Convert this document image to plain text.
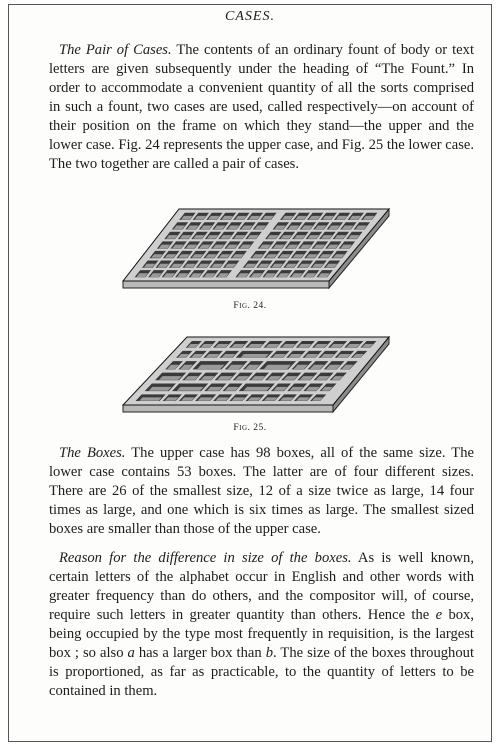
CASES.

The Pair of Cases. The contents of an ordinary fount of body or text letters are given subsequently under the heading of “The Fount.” In order to accommodate a convenient quantity of all the sorts comprised in such a fount, two cases are used, called respectively—on account of their position on the frame on which they stand—the upper and the lower case. Fig. 24 represents the upper case, and Fig. 25 the lower case. The two together are called a pair of cases.

Fig. 24.
Fig. 25.

The Boxes. The upper case has 98 boxes, all of the same size. The lower case contains 53 boxes. The latter are of four different sizes. There are 26 of the smallest size, 12 of a size twice as large, 14 four times as large, and one which is six times as large. The smallest sized boxes are smaller than those of the upper case.

Reason for the difference in size of the boxes. As is well known, certain letters of the alphabet occur in English and other words with greater frequency than do others, and the compositor will, of course, require such letters in greater quantity than others. Hence the e box, being occupied by the type most frequently in requisition, is the largest box ; so also a has a larger box than b. The size of the boxes throughout is proportioned, as far as practicable, to the quantity of letters to be contained in them.
